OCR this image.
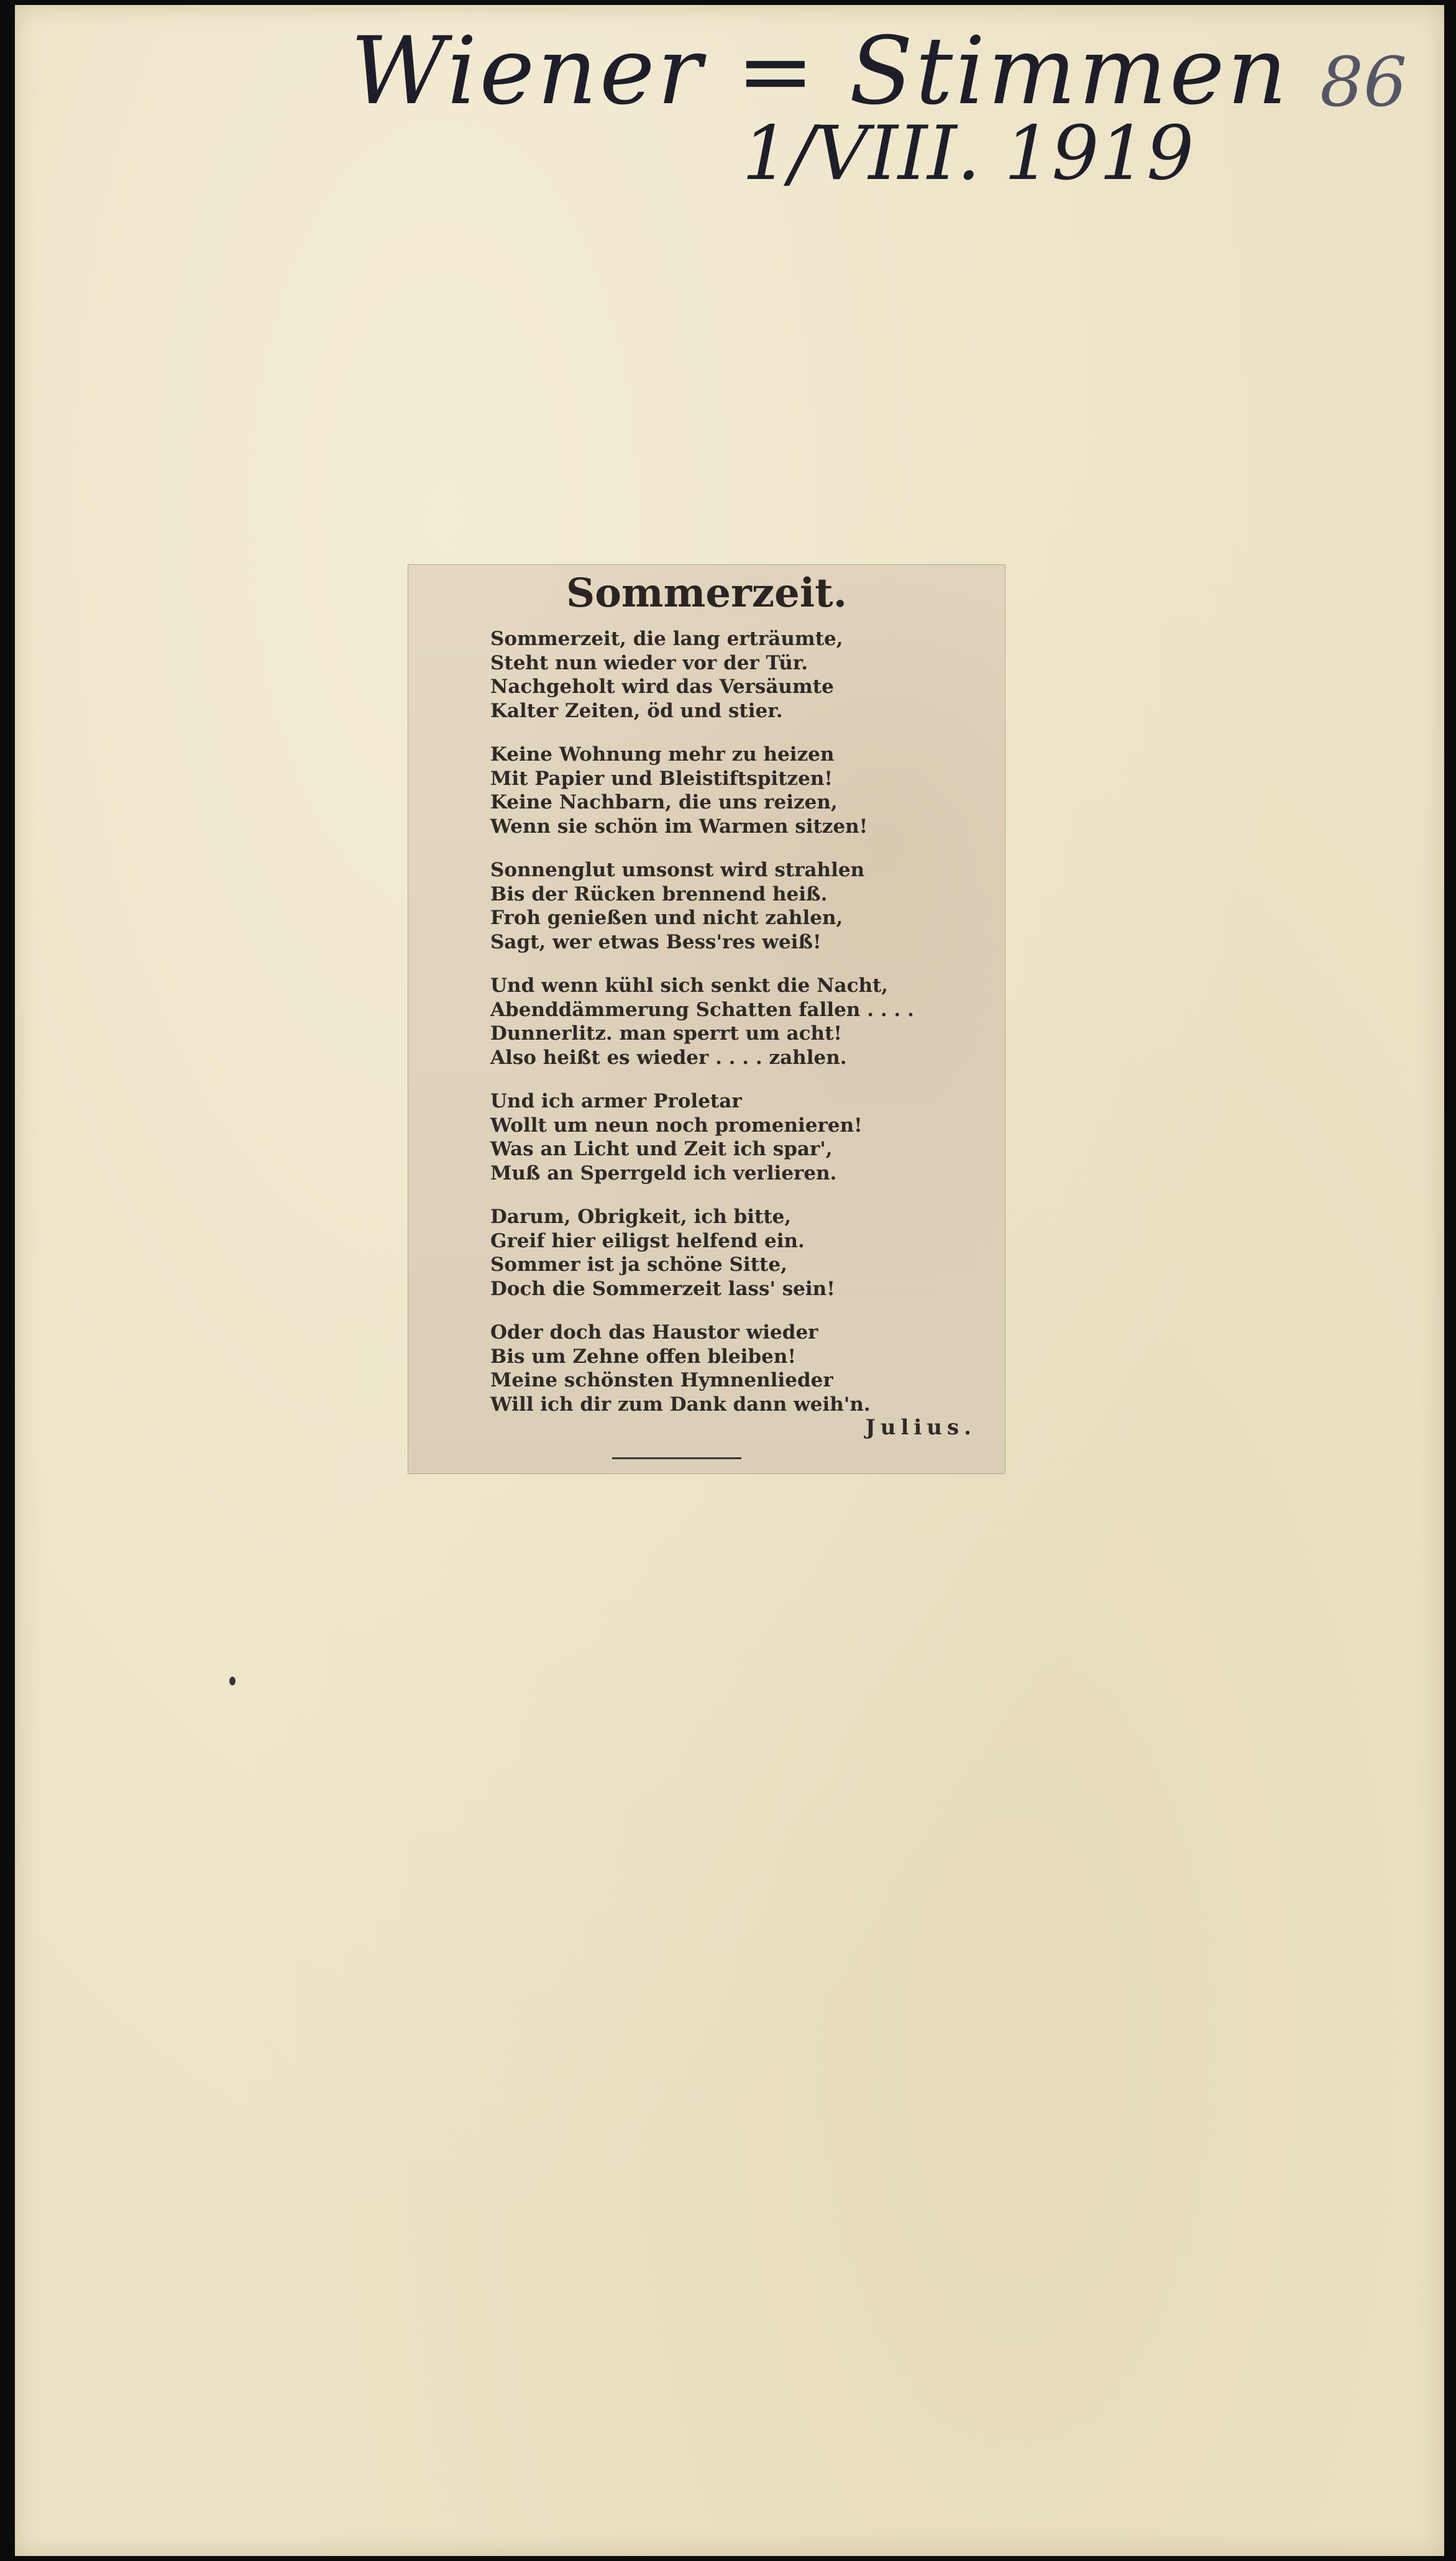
Wiener = Stimmen
1/VIII. 1919
86
Sommerzeit.
Sommerzeit, die lang erträumte,
Steht nun wieder vor der Tür.
Nachgeholt wird das Versäumte
Kalter Zeiten, öd und stier.
Keine Wohnung mehr zu heizen
Mit Papier und Bleistiftspitzen!
Keine Nachbarn, die uns reizen,
Wenn sie schön im Warmen sitzen!
Sonnenglut umsonst wird strahlen
Bis der Rücken brennend heiß.
Froh genießen und nicht zahlen,
Sagt, wer etwas Bess'res weiß!
Und wenn kühl sich senkt die Nacht,
Abenddämmerung Schatten fallen . . . .
Dunnerlitz. man sperrt um acht!
Also heißt es wieder . . . . zahlen.
Und ich armer Proletar
Wollt um neun noch promenieren!
Was an Licht und Zeit ich spar',
Muß an Sperrgeld ich verlieren.
Darum, Obrigkeit, ich bitte,
Greif hier eiligst helfend ein.
Sommer ist ja schöne Sitte,
Doch die Sommerzeit lass' sein!
Oder doch das Haustor wieder
Bis um Zehne offen bleiben!
Meine schönsten Hymnenlieder
Will ich dir zum Dank dann weih'n.
Julius.
